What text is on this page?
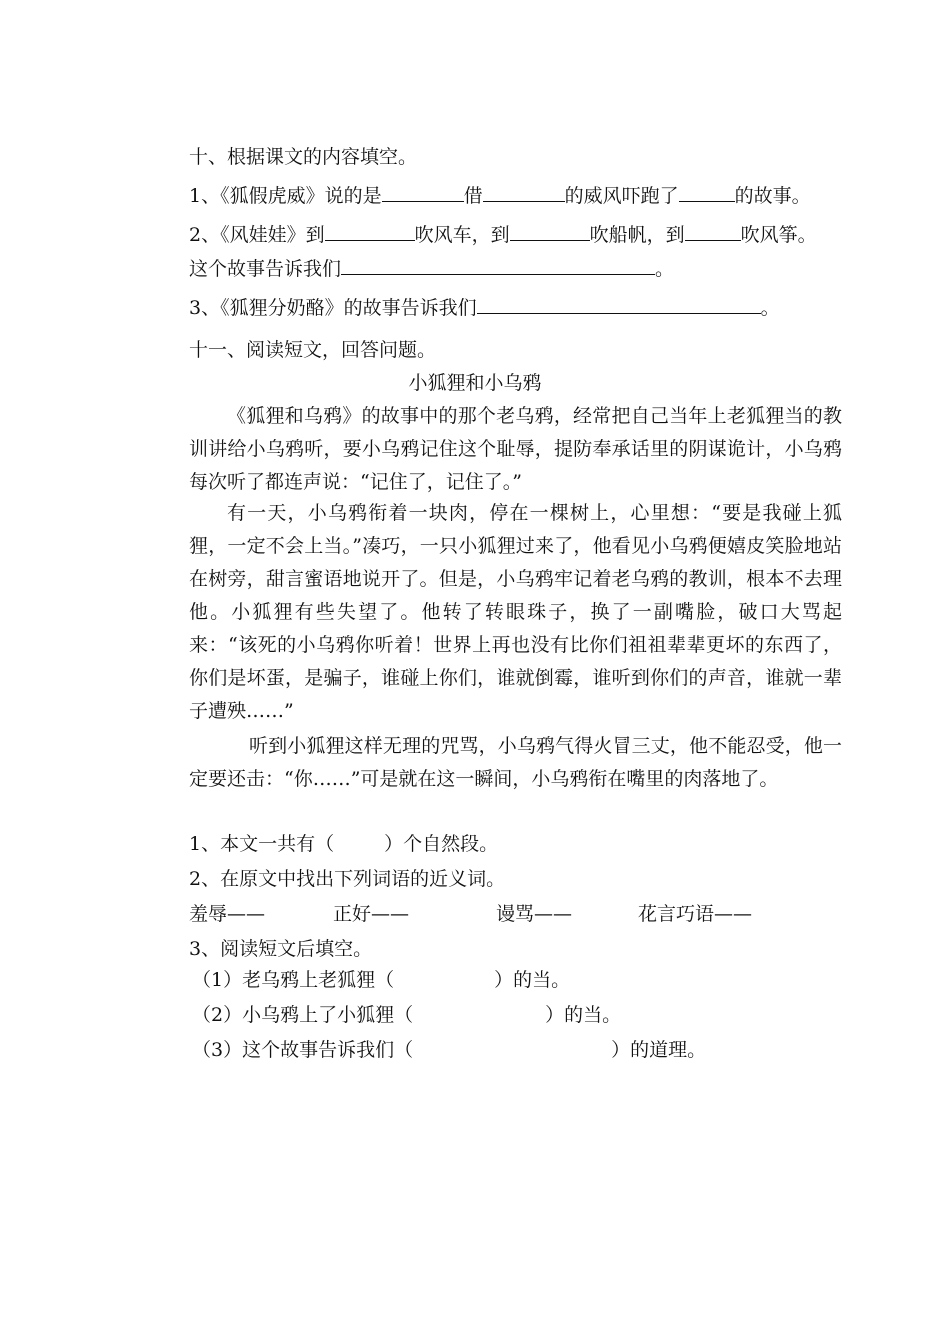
十、根据课文的内容填空。
1、《狐假虎威》说的是	借	的威风吓跑了	的故事。
2、《风娃娃》到	吹风车，到	吹船帆，到	吹风筝。
这个故事告诉我们	。
3、《狐狸分奶酪》的故事告诉我们	。
十一、阅读短文，回答问题。
小狐狸和小乌鸦
《狐狸和乌鸦》的故事中的那个老乌鸦，经常把自己当年上老狐狸当的教训讲给小乌鸦听，要小乌鸦记住这个耻辱，提防奉承话里的阴谋诡计，小乌鸦每次听了都连声说：“记住了，记住了。”
有一天，小乌鸦衔着一块肉，停在一棵树上，心里想：“要是我碰上狐狸，一定不会上当。”凑巧，一只小狐狸过来了，他看见小乌鸦便嬉皮笑脸地站在树旁，甜言蜜语地说开了。但是，小乌鸦牢记着老乌鸦的教训，根本不去理他。小狐狸有些失望了。他转了转眼珠子，换了一副嘴脸，破口大骂起来：“该死的小乌鸦你听着！世界上再也没有比你们祖祖辈辈更坏的东西了，你们是坏蛋，是骗子，谁碰上你们，谁就倒霉，谁听到你们的声音，谁就一辈子遭殃……”
听到小狐狸这样无理的咒骂，小乌鸦气得火冒三丈，他不能忍受，他一定要还击：“你……”可是就在这一瞬间，小乌鸦衔在嘴里的肉落地了。
1、本文一共有（	）个自然段。
2、在原文中找出下列词语的近义词。
羞辱——	正好——	谩骂——	花言巧语——
3、阅读短文后填空。
（1）老乌鸦上老狐狸（	）的当。
（2）小乌鸦上了小狐狸（	）的当。
（3）这个故事告诉我们（	）的道理。
